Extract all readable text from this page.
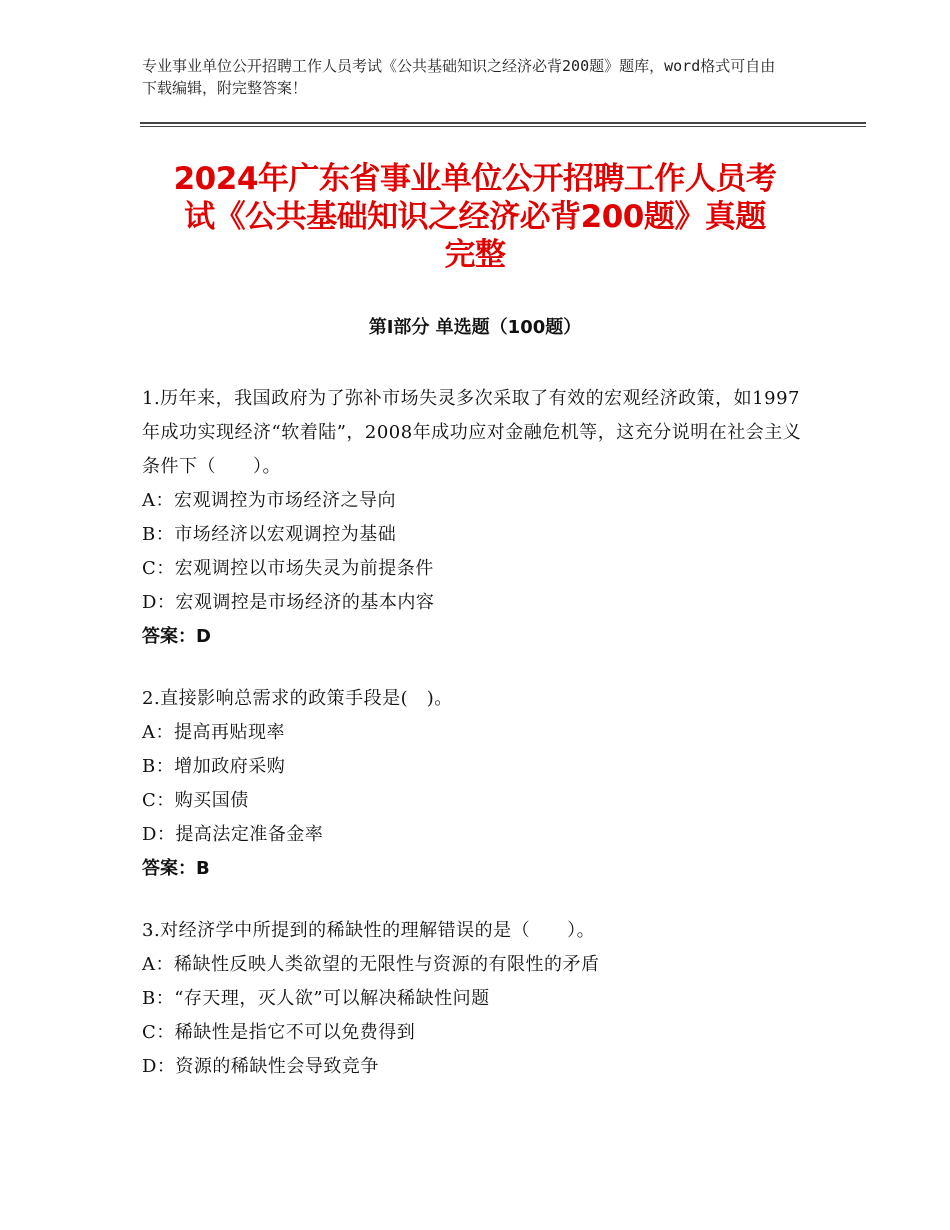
专业事业单位公开招聘工作人员考试《公共基础知识之经济必背200题》题库，word格式可自由下载编辑，附完整答案！
2024年广东省事业单位公开招聘工作人员考
试《公共基础知识之经济必背200题》真题
完整
第Ⅰ部分 单选题（100题）
1.历年来，我国政府为了弥补市场失灵多次采取了有效的宏观经济政策，如1997年成功实现经济“软着陆”，2008年成功应对金融危机等，这充分说明在社会主义条件下（　　）。
A：宏观调控为市场经济之导向
B：市场经济以宏观调控为基础
C：宏观调控以市场失灵为前提条件
D：宏观调控是市场经济的基本内容
答案：D
2.直接影响总需求的政策手段是(　)。
A：提高再贴现率
B：增加政府采购
C：购买国债
D：提高法定准备金率
答案：B
3.对经济学中所提到的稀缺性的理解错误的是（　　）。
A：稀缺性反映人类欲望的无限性与资源的有限性的矛盾
B：“存天理，灭人欲”可以解决稀缺性问题
C：稀缺性是指它不可以免费得到
D：资源的稀缺性会导致竞争
